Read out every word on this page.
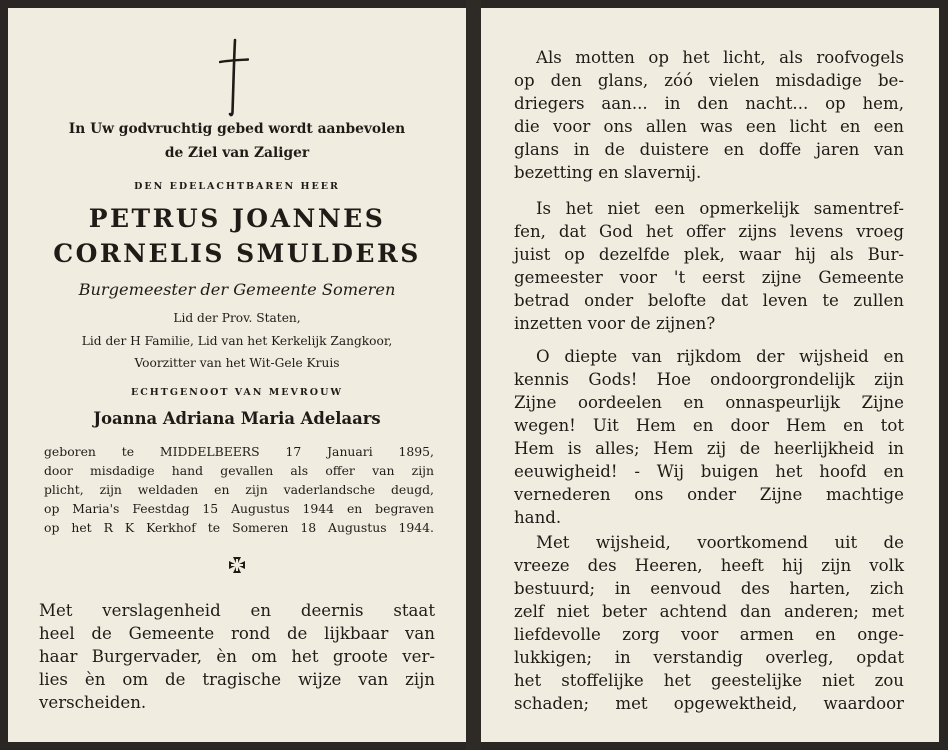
In Uw godvruchtig gebed wordt aanbevolen
de Ziel van Zaliger
DEN EDELACHTBAREN HEER
PETRUS JOANNES
CORNELIS SMULDERS
Burgemeester der Gemeente Someren
Lid der Prov. Staten,
Lid der H Familie, Lid van het Kerkelijk Zangkoor,
Voorzitter van het Wit-Gele Kruis
ECHTGENOOT VAN MEVROUW
Joanna Adriana Maria Adelaars
geboren te MIDDELBEERS 17 Januari 1895,
door misdadige hand gevallen als offer van zijn
plicht, zijn weldaden en zijn vaderlandsche deugd,
op Maria's Feestdag 15 Augustus 1944 en begraven
op het R K Kerkhof te Someren 18 Augustus 1944.
Met verslagenheid en deernis staat
heel de Gemeente rond de lijkbaar van
haar Burgervader, èn om het groote ver-
lies èn om de tragische wijze van zijn
verscheiden.
Als motten op het licht, als roofvogels
op den glans, zóó vielen misdadige be-
driegers aan... in den nacht... op hem,
die voor ons allen was een licht en een
glans in de duistere en doffe jaren van
bezetting en slavernij.
Is het niet een opmerkelijk samentref-
fen, dat God het offer zijns levens vroeg
juist op dezelfde plek, waar hij als Bur-
gemeester voor 't eerst zijne Gemeente
betrad onder belofte dat leven te zullen
inzetten voor de zijnen?
O diepte van rijkdom der wijsheid en
kennis Gods! Hoe ondoorgrondelijk zijn
Zijne oordeelen en onnaspeurlijk Zijne
wegen! Uit Hem en door Hem en tot
Hem is alles; Hem zij de heerlijkheid in
eeuwigheid! - Wij buigen het hoofd en
vernederen ons onder Zijne machtige
hand.
Met wijsheid, voortkomend uit de
vreeze des Heeren, heeft hij zijn volk
bestuurd; in eenvoud des harten, zich
zelf niet beter achtend dan anderen; met
liefdevolle zorg voor armen en onge-
lukkigen; in verstandig overleg, opdat
het stoffelijke het geestelijke niet zou
schaden; met opgewektheid, waardoor
